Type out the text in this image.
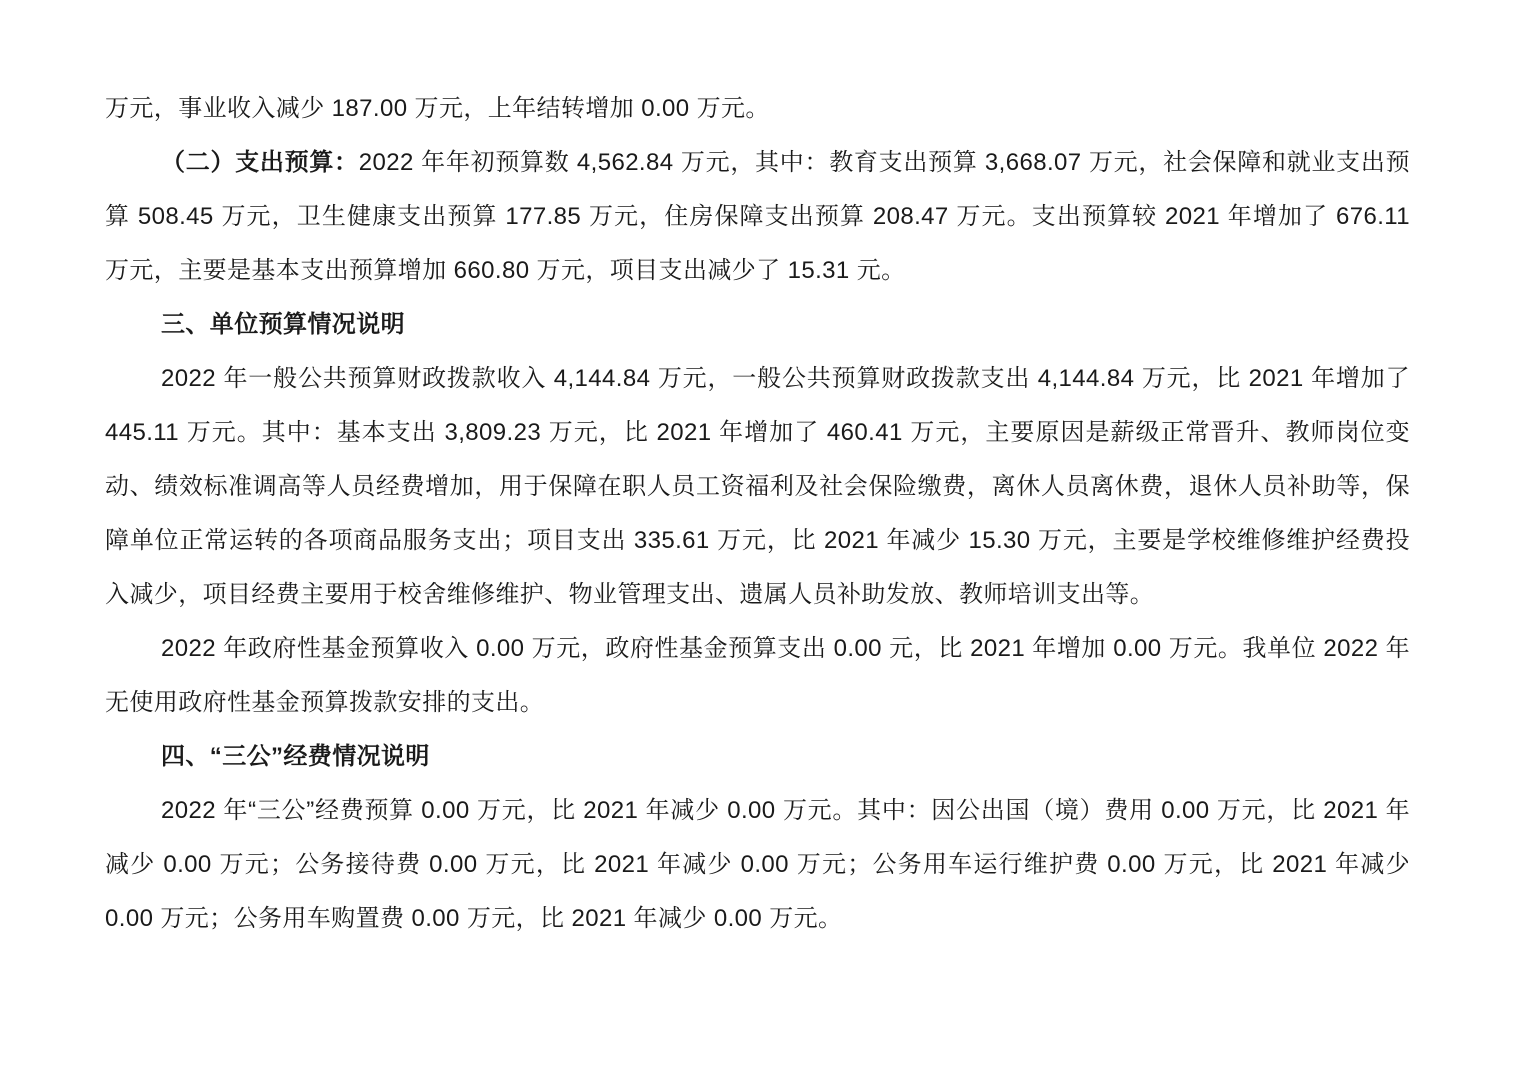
万元，事业收入减少 187.00 万元，上年结转增加 0.00 万元。

（二）支出预算：2022 年年初预算数 4,562.84 万元，其中：教育支出预算 3,668.07 万元，社会保障和就业支出预算 508.45 万元，卫生健康支出预算 177.85 万元，住房保障支出预算 208.47 万元。支出预算较 2021 年增加了 676.11 万元，主要是基本支出预算增加 660.80 万元，项目支出减少了 15.31 元。

三、单位预算情况说明

2022 年一般公共预算财政拨款收入 4,144.84 万元，一般公共预算财政拨款支出 4,144.84 万元，比 2021 年增加了 445.11 万元。其中：基本支出 3,809.23 万元，比 2021 年增加了 460.41 万元，主要原因是薪级正常晋升、教师岗位变动、绩效标准调高等人员经费增加，用于保障在职人员工资福利及社会保险缴费，离休人员离休费，退休人员补助等，保障单位正常运转的各项商品服务支出；项目支出 335.61 万元，比 2021 年减少 15.30 万元，主要是学校维修维护经费投入减少，项目经费主要用于校舍维修维护、物业管理支出、遗属人员补助发放、教师培训支出等。

2022 年政府性基金预算收入 0.00 万元，政府性基金预算支出 0.00 元，比 2021 年增加 0.00 万元。我单位 2022 年无使用政府性基金预算拨款安排的支出。

四、“三公”经费情况说明

2022 年“三公”经费预算 0.00 万元，比 2021 年减少 0.00 万元。其中：因公出国（境）费用 0.00 万元，比 2021 年减少 0.00 万元；公务接待费 0.00 万元，比 2021 年减少 0.00 万元；公务用车运行维护费 0.00 万元，比 2021 年减少 0.00 万元；公务用车购置费 0.00 万元，比 2021 年减少 0.00 万元。
